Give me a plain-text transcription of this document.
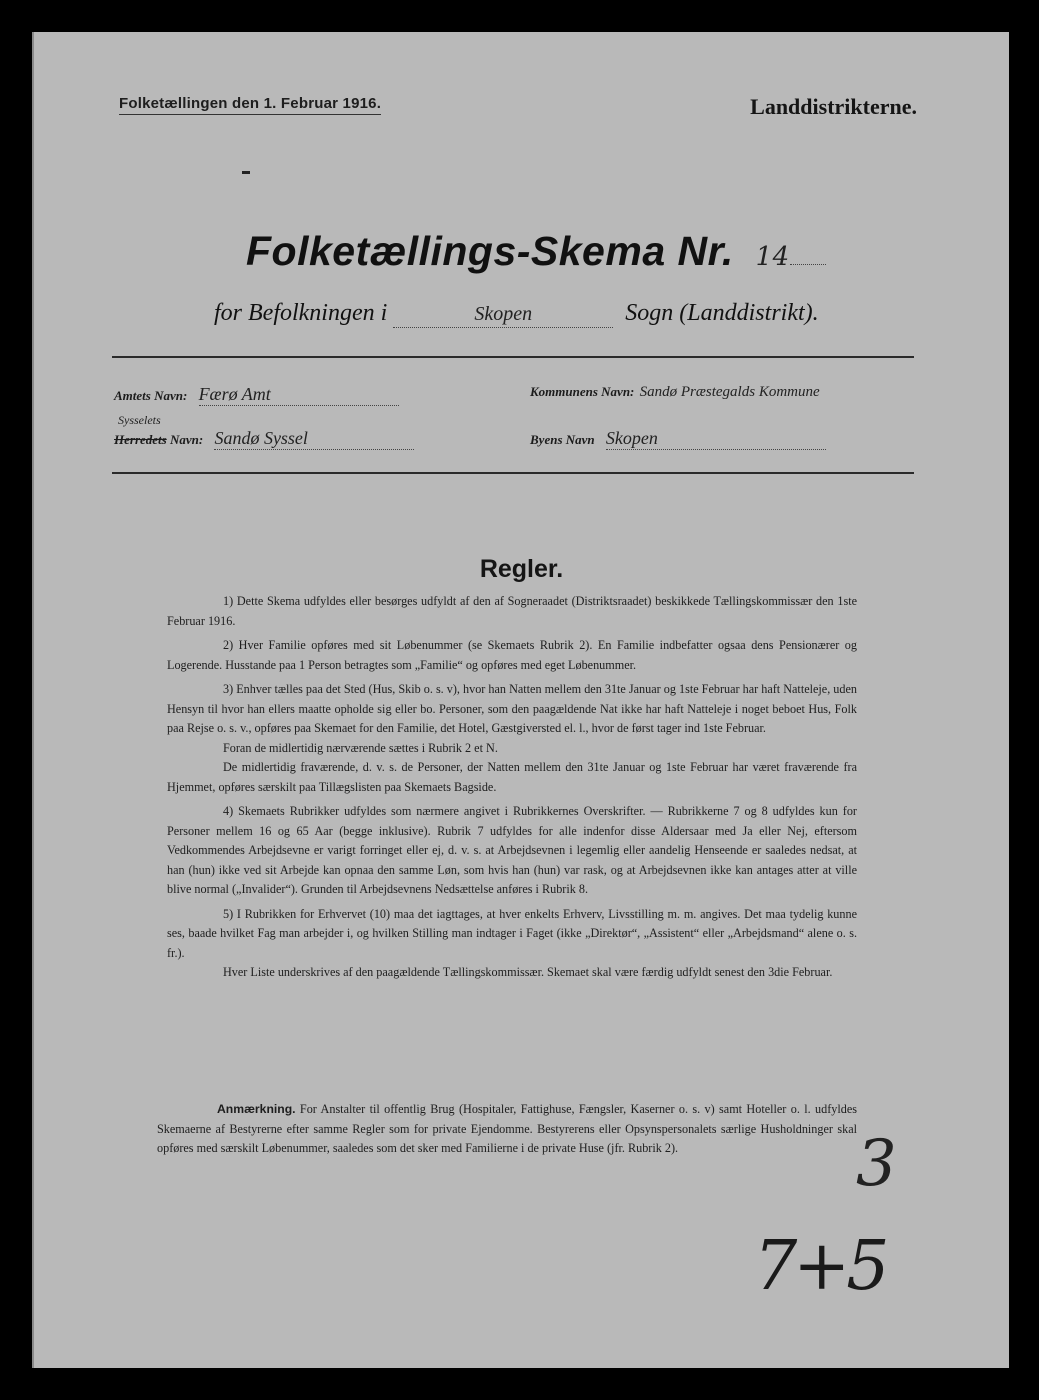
Folketællingen den 1. Februar 1916.	Landdistrikterne.
Folketællings-Skema Nr. 14
for Befolkningen i	Skopen	Sogn (Landdistrikt).
Amtets Navn: Færø Amt	Kommunens Navn: Sandø Præstegalds Kommune
Sysselets
Herredets Navn: Sandø Syssel	Byens Navn Skopen
Regler.

1) Dette Skema udfyldes eller besørges udfyldt af den af Sogneraadet (Distriktsraadet) beskikkede Tællingskommissær den 1ste Februar 1916.

2) Hver Familie opføres med sit Løbenummer (se Skemaets Rubrik 2). En Familie indbefatter ogsaa dens Pensionærer og Logerende. Husstande paa 1 Person betragtes som „Familie“ og opføres med eget Løbenummer.

3) Enhver tælles paa det Sted (Hus, Skib o. s. v), hvor han Natten mellem den 31te Januar og 1ste Februar har haft Natteleje, uden Hensyn til hvor han ellers maatte opholde sig eller bo. Personer, som den paagældende Nat ikke har haft Natteleje i noget beboet Hus, Folk paa Rejse o. s. v., opføres paa Skemaet for den Familie, det Hotel, Gæstgiversted el. l., hvor de først tager ind 1ste Februar.

Foran de midlertidig nærværende sættes i Rubrik 2 et N.

De midlertidig fraværende, d. v. s. de Personer, der Natten mellem den 31te Januar og 1ste Februar har været fraværende fra Hjemmet, opføres særskilt paa Tillægslisten paa Skemaets Bagside.

4) Skemaets Rubrikker udfyldes som nærmere angivet i Rubrikkernes Overskrifter. — Rubrikkerne 7 og 8 udfyldes kun for Personer mellem 16 og 65 Aar (begge inklusive). Rubrik 7 udfyldes for alle indenfor disse Aldersaar med Ja eller Nej, eftersom Vedkommendes Arbejdsevne er varigt forringet eller ej, d. v. s. at Arbejdsevnen i legemlig eller aandelig Henseende er saaledes nedsat, at han (hun) ikke ved sit Arbejde kan opnaa den samme Løn, som hvis han (hun) var rask, og at Arbejdsevnen ikke kan antages atter at ville blive normal („Invalider“). Grunden til Arbejdsevnens Nedsættelse anføres i Rubrik 8.

5) I Rubrikken for Erhvervet (10) maa det iagttages, at hver enkelts Erhverv, Livsstilling m. m. angives. Det maa tydelig kunne ses, baade hvilket Fag man arbejder i, og hvilken Stilling man indtager i Faget (ikke „Direktør“, „Assistent“ eller „Arbejdsmand“ alene o. s. fr.).

Hver Liste underskrives af den paagældende Tællingskommissær. Skemaet skal være færdig udfyldt senest den 3die Februar.

Anmærkning. For Anstalter til offentlig Brug (Hospitaler, Fattighuse, Fængsler, Kaserner o. s. v) samt Hoteller o. l. udfyldes Skemaerne af Bestyrerne efter samme Regler som for private Ejendomme. Bestyrerens eller Opsynspersonalets særlige Husholdninger skal opføres med særskilt Løbenummer, saaledes som det sker med Familierne i de private Huse (jfr. Rubrik 2).	3
7+5
